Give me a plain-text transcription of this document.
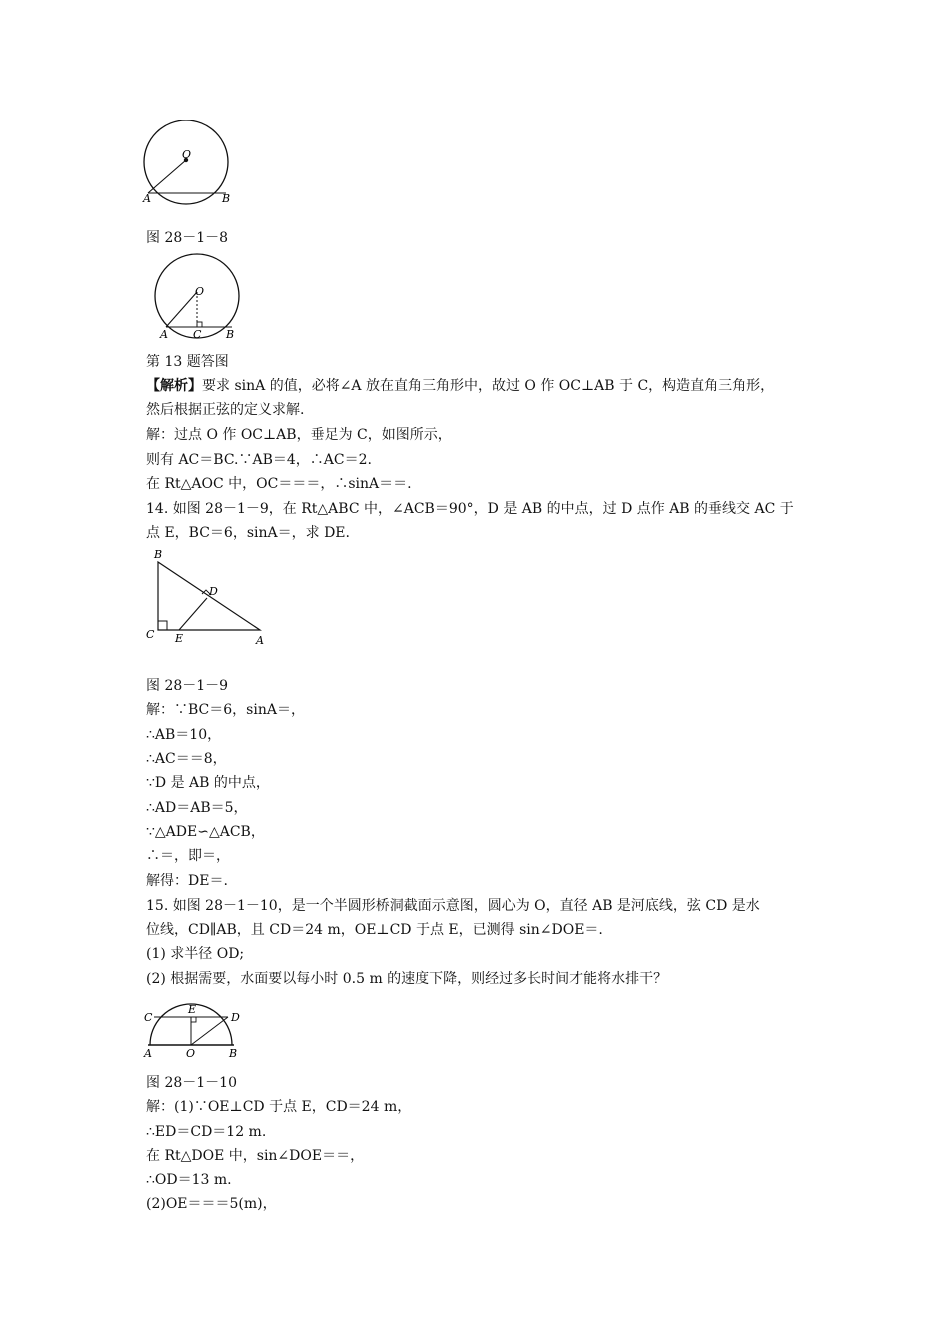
O
A	B
图 28－1－8
O
A C B
第 13 题答图
【解析】要求 sinA 的值，必将∠A 放在直角三角形中，故过 O 作 OC⊥AB 于 C，构造直角三角形，
然后根据正弦的定义求解.
解：过点 O 作 OC⊥AB，垂足为 C，如图所示，
则有 AC＝BC.∵AB＝4，∴AC＝2.
在 Rt△AOC 中，OC＝＝＝，∴sinA＝＝.
14. 如图 28－1－9，在 Rt△ABC 中，∠ACB＝90°，D 是 AB 的中点，过 D 点作 AB 的垂线交 AC 于
点 E，BC＝6，sinA＝，求 DE.
B
D
C E	A
图 28－1－9
解：∵BC＝6，sinA＝，
∴AB＝10，
∴AC＝＝8，
∵D 是 AB 的中点，
∴AD＝AB＝5，
∵△ADE∽△ACB，
∴＝，即＝，
解得：DE＝.
15. 如图 28－1－10，是一个半圆形桥洞截面示意图，圆心为 O，直径 AB 是河底线，弦 CD 是水
位线，CD∥AB，且 CD＝24 m，OE⊥CD 于点 E，已测得 sin∠DOE＝.
(1) 求半径 OD;
(2) 根据需要，水面要以每小时 0.5 m 的速度下降，则经过多长时间才能将水排干？
E
C	D
A	O	B
图 28－1－10
解：(1)∵OE⊥CD 于点 E，CD＝24 m，
∴ED＝CD＝12 m.
在 Rt△DOE 中，sin∠DOE＝＝，
∴OD＝13 m.
(2)OE＝＝＝5(m)，
